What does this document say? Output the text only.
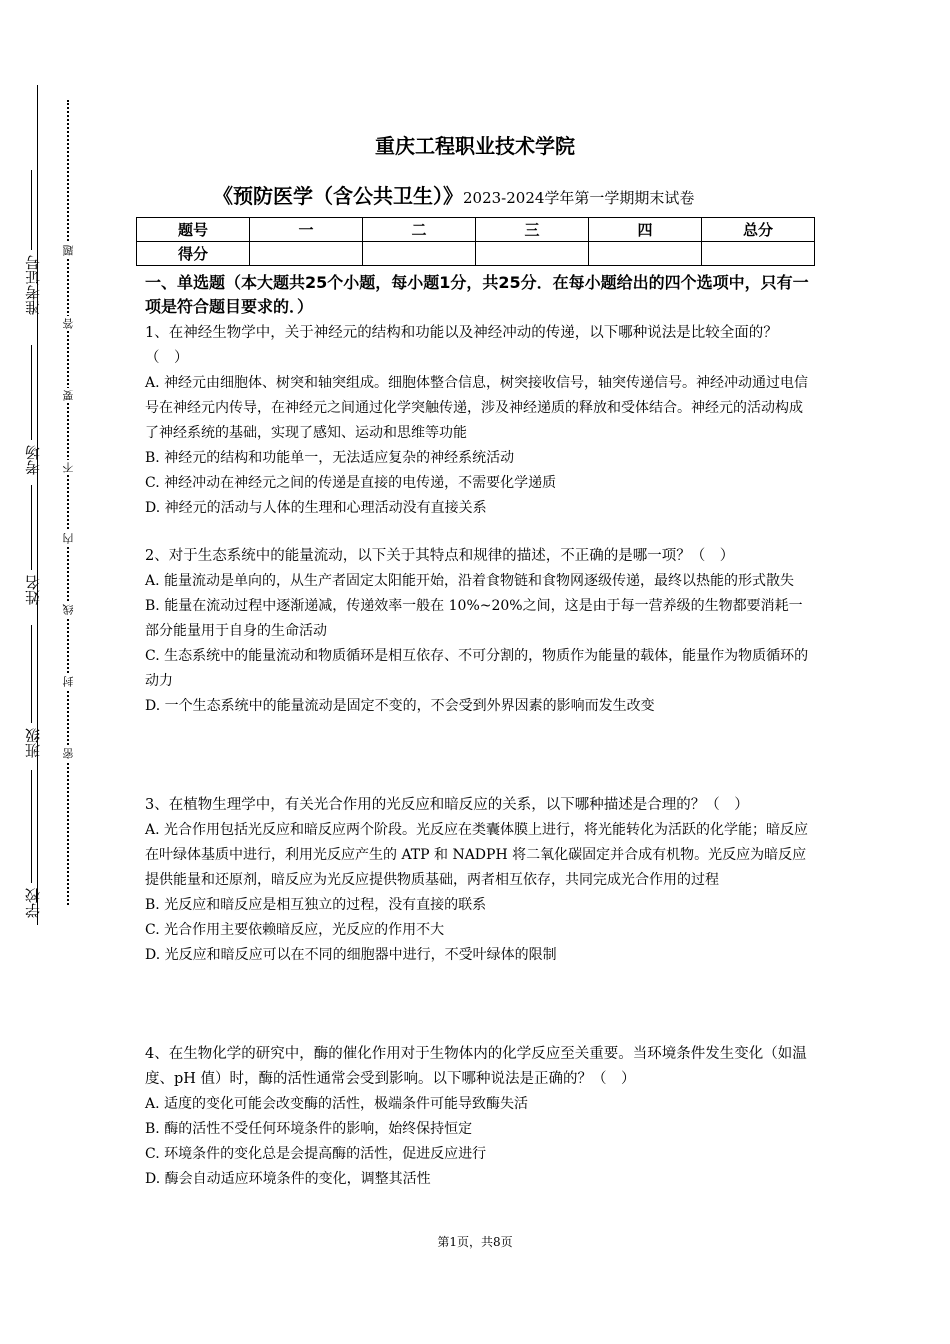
准考证号
考场
姓名
班级
学校
题
答
要
不
内
线
封
密
重庆工程职业技术学院
《预防医学（含公共卫生）》2023-2024学年第一学期期末试卷
题号	一	二	三	四	总分
得分					
一、单选题（本大题共25个小题，每小题1分，共25分．在每小题给出的四个选项中，只有一项是符合题目要求的．）

1、在神经生物学中，关于神经元的结构和功能以及神经冲动的传递，以下哪种说法是比较全面的？（　）

A. 神经元由细胞体、树突和轴突组成。细胞体整合信息，树突接收信号，轴突传递信号。神经冲动通过电信号在神经元内传导，在神经元之间通过化学突触传递，涉及神经递质的释放和受体结合。神经元的活动构成了神经系统的基础，实现了感知、运动和思维等功能

B. 神经元的结构和功能单一，无法适应复杂的神经系统活动

C. 神经冲动在神经元之间的传递是直接的电传递，不需要化学递质

D. 神经元的活动与人体的生理和心理活动没有直接关系

2、对于生态系统中的能量流动，以下关于其特点和规律的描述，不正确的是哪一项？（　）

A. 能量流动是单向的，从生产者固定太阳能开始，沿着食物链和食物网逐级传递，最终以热能的形式散失

B. 能量在流动过程中逐渐递减，传递效率一般在 10%~20%之间，这是由于每一营养级的生物都要消耗一部分能量用于自身的生命活动

C. 生态系统中的能量流动和物质循环是相互依存、不可分割的，物质作为能量的载体，能量作为物质循环的动力

D. 一个生态系统中的能量流动是固定不变的，不会受到外界因素的影响而发生改变

3、在植物生理学中，有关光合作用的光反应和暗反应的关系，以下哪种描述是合理的？（　）

A. 光合作用包括光反应和暗反应两个阶段。光反应在类囊体膜上进行，将光能转化为活跃的化学能；暗反应在叶绿体基质中进行，利用光反应产生的 ATP 和 NADPH 将二氧化碳固定并合成有机物。光反应为暗反应提供能量和还原剂，暗反应为光反应提供物质基础，两者相互依存，共同完成光合作用的过程

B. 光反应和暗反应是相互独立的过程，没有直接的联系

C. 光合作用主要依赖暗反应，光反应的作用不大

D. 光反应和暗反应可以在不同的细胞器中进行，不受叶绿体的限制

4、在生物化学的研究中，酶的催化作用对于生物体内的化学反应至关重要。当环境条件发生变化（如温度、pH 值）时，酶的活性通常会受到影响。以下哪种说法是正确的？（　）

A. 适度的变化可能会改变酶的活性，极端条件可能导致酶失活

B. 酶的活性不受任何环境条件的影响，始终保持恒定

C. 环境条件的变化总是会提高酶的活性，促进反应进行

D. 酶会自动适应环境条件的变化，调整其活性

第1页，共8页
